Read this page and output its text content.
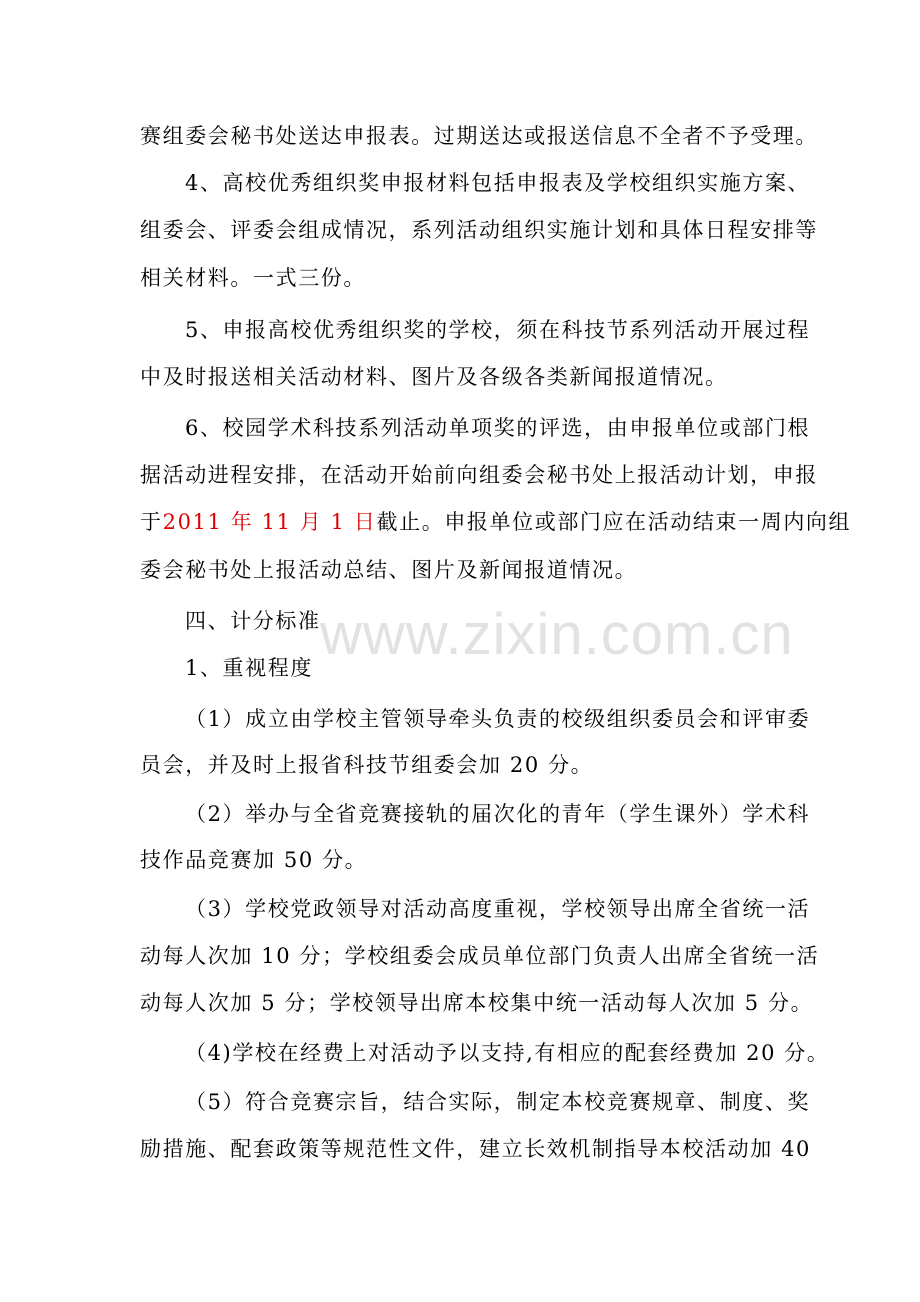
赛组委会秘书处送达申报表。过期送达或报送信息不全者不予受理。
4、高校优秀组织奖申报材料包括申报表及学校组织实施方案、
组委会、评委会组成情况，系列活动组织实施计划和具体日程安排等
相关材料。一式三份。
5、申报高校优秀组织奖的学校，须在科技节系列活动开展过程
中及时报送相关活动材料、图片及各级各类新闻报道情况。
6、校园学术科技系列活动单项奖的评选，由申报单位或部门根
据活动进程安排，在活动开始前向组委会秘书处上报活动计划，申报
于2011 年 11 月 1 日截止。申报单位或部门应在活动结束一周内向组
委会秘书处上报活动总结、图片及新闻报道情况。
四、计分标准
1、重视程度
（1）成立由学校主管领导牵头负责的校级组织委员会和评审委
员会，并及时上报省科技节组委会加 20 分。
（2）举办与全省竞赛接轨的届次化的青年（学生课外）学术科
技作品竞赛加 50 分。
（3）学校党政领导对活动高度重视，学校领导出席全省统一活
动每人次加 10 分；学校组委会成员单位部门负责人出席全省统一活
动每人次加 5 分；学校领导出席本校集中统一活动每人次加 5 分。
（4)学校在经费上对活动予以支持,有相应的配套经费加 20 分。
（5）符合竞赛宗旨，结合实际，制定本校竞赛规章、制度、奖
励措施、配套政策等规范性文件，建立长效机制指导本校活动加 40
www.zixin.com.cn
